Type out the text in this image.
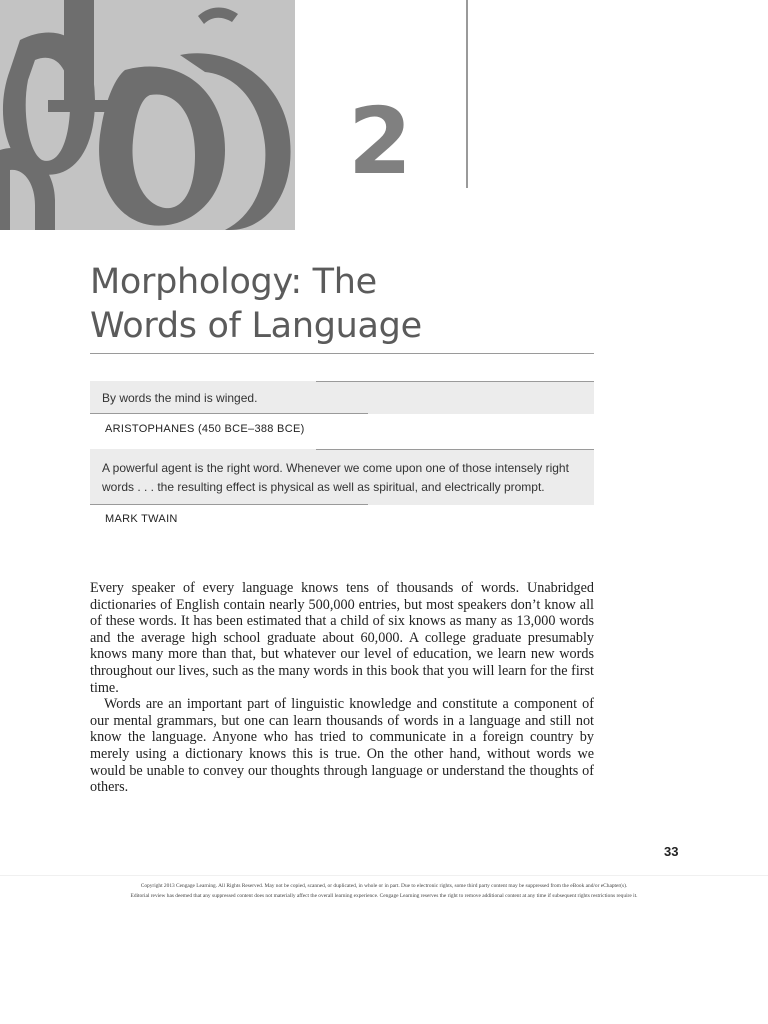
2
Morphology: The
Words of Language
By words the mind is winged.
ARISTOPHANES (450 BCE–388 BCE)
A powerful agent is the right word. Whenever we come upon one of those intensely right words . . . the resulting effect is physical as well as spiritual, and electrically prompt.
MARK TWAIN

Every speaker of every language knows tens of thousands of words. Unabridged dictionaries of English contain nearly 500,000 entries, but most speakers don’t know all of these words. It has been estimated that a child of six knows as many as 13,000 words and the average high school graduate about 60,000. A college graduate presumably knows many more than that, but whatever our level of education, we learn new words throughout our lives, such as the many words in this book that you will learn for the first time.

Words are an important part of linguistic knowledge and constitute a component of our mental grammars, but one can learn thousands of words in a language and still not know the language. Anyone who has tried to communicate in a foreign country by merely using a dictionary knows this is true. On the other hand, without words we would be unable to convey our thoughts through language or understand the thoughts of others.

33
Copyright 2013 Cengage Learning. All Rights Reserved. May not be copied, scanned, or duplicated, in whole or in part. Due to electronic rights, some third party content may be suppressed from the eBook and/or eChapter(s).
Editorial review has deemed that any suppressed content does not materially affect the overall learning experience. Cengage Learning reserves the right to remove additional content at any time if subsequent rights restrictions require it.
